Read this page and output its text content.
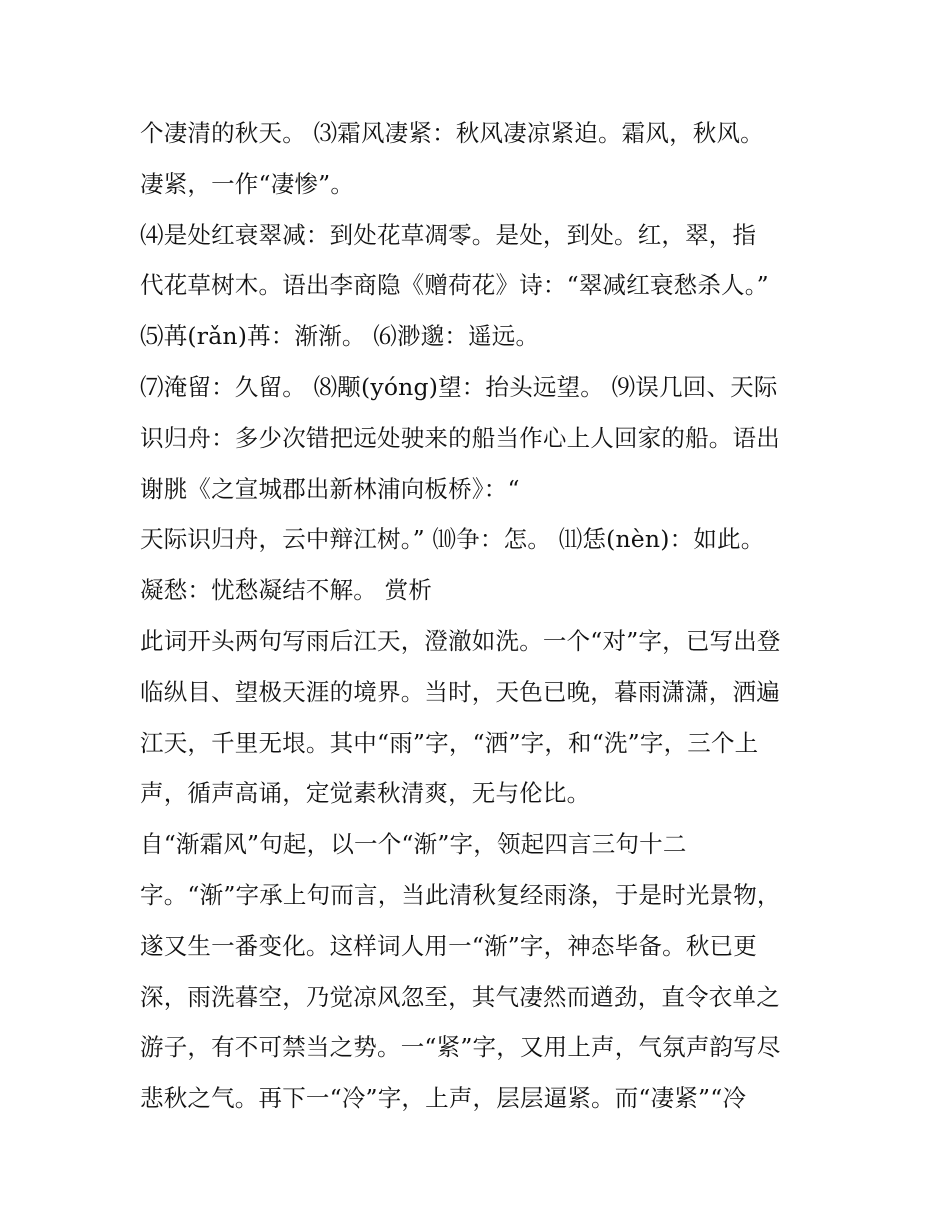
个凄清的秋天。 ⑶霜风凄紧：秋风凄凉紧迫。霜风，秋风。
凄紧，一作“凄惨”。
⑷是处红衰翠减：到处花草凋零。是处，到处。红，翠，指
代花草树木。语出李商隐《赠荷花》诗：“翠减红衰愁杀人。”
⑸苒(rǎn)苒：渐渐。 ⑹渺邈：遥远。
⑺淹留：久留。 ⑻颙(yóng)望：抬头远望。 ⑼误几回、天际
识归舟：多少次错把远处驶来的船当作心上人回家的船。语出
谢朓《之宣城郡出新林浦向板桥》：“
天际识归舟，云中辩江树。” ⑽争：怎。 ⑾恁(nèn)：如此。
凝愁：忧愁凝结不解。 赏析
此词开头两句写雨后江天，澄澈如洗。一个“对”字，已写出登
临纵目、望极天涯的境界。当时，天色已晚，暮雨潇潇，洒遍
江天，千里无垠。其中“雨”字，“洒”字，和“洗”字，三个上
声，循声高诵，定觉素秋清爽，无与伦比。
自“渐霜风”句起，以一个“渐”字，领起四言三句十二
字。“渐”字承上句而言，当此清秋复经雨涤，于是时光景物，
遂又生一番变化。这样词人用一“渐”字，神态毕备。秋已更
深，雨洗暮空，乃觉凉风忽至，其气凄然而遒劲，直令衣单之
游子，有不可禁当之势。一“紧”字，又用上声，气氛声韵写尽
悲秋之气。再下一“冷”字，上声，层层逼紧。而“凄紧”“冷
